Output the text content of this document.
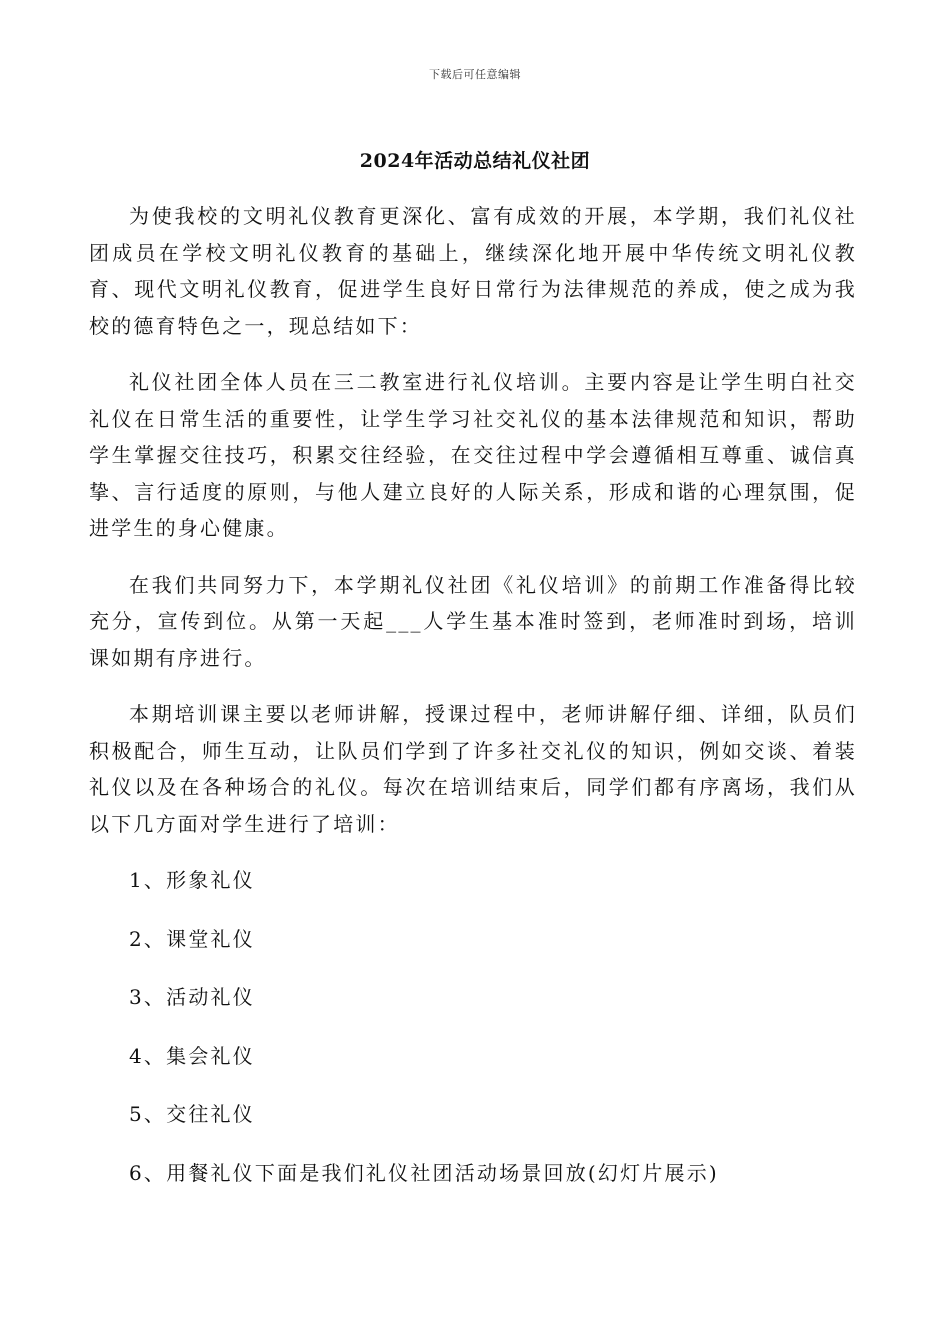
下载后可任意编辑
2024年活动总结礼仪社团

为使我校的文明礼仪教育更深化、富有成效的开展，本学期，我们礼仪社团成员在学校文明礼仪教育的基础上，继续深化地开展中华传统文明礼仪教育、现代文明礼仪教育，促进学生良好日常行为法律规范的养成，使之成为我校的德育特色之一，现总结如下：

礼仪社团全体人员在三二教室进行礼仪培训。主要内容是让学生明白社交礼仪在日常生活的重要性，让学生学习社交礼仪的基本法律规范和知识，帮助学生掌握交往技巧，积累交往经验，在交往过程中学会遵循相互尊重、诚信真挚、言行适度的原则，与他人建立良好的人际关系，形成和谐的心理氛围，促进学生的身心健康。

在我们共同努力下，本学期礼仪社团《礼仪培训》的前期工作准备得比较充分，宣传到位。从第一天起___人学生基本准时签到，老师准时到场，培训课如期有序进行。

本期培训课主要以老师讲解，授课过程中，老师讲解仔细、详细，队员们积极配合，师生互动，让队员们学到了许多社交礼仪的知识，例如交谈、着装礼仪以及在各种场合的礼仪。每次在培训结束后，同学们都有序离场，我们从以下几方面对学生进行了培训：

1、形象礼仪

2、课堂礼仪

3、活动礼仪

4、集会礼仪

5、交往礼仪

6、用餐礼仪下面是我们礼仪社团活动场景回放(幻灯片展示)
